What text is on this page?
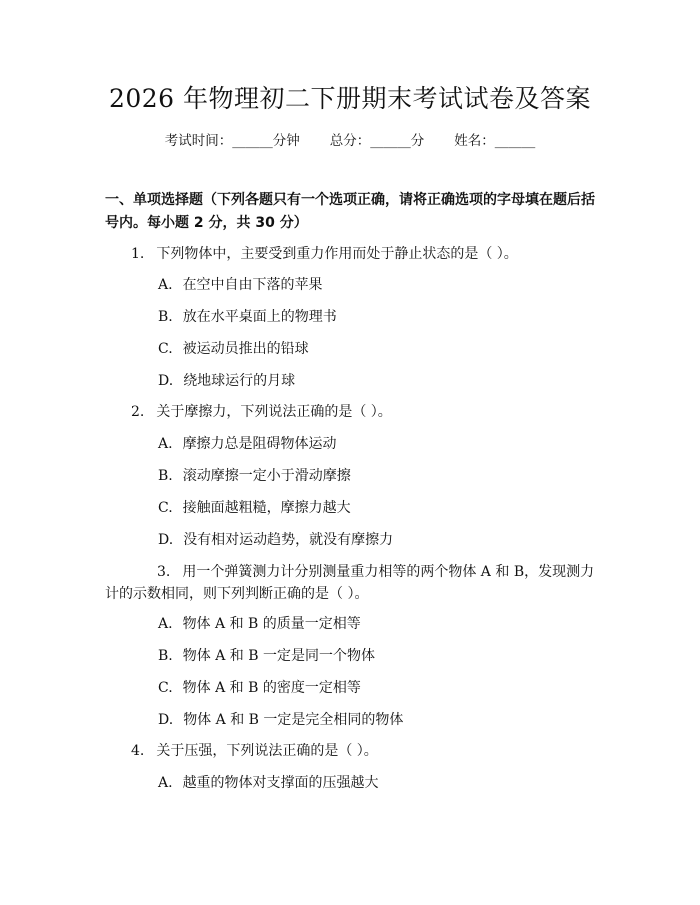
2026 年物理初二下册期末考试试卷及答案
考试时间：______分钟 总分：______分 姓名：______
一、单项选择题（下列各题只有一个选项正确，请将正确选项的字母填在题后括号内。每小题 2 分，共 30 分）
1. 下列物体中，主要受到重力作用而处于静止状态的是（ ）。
A. 在空中自由下落的苹果
B. 放在水平桌面上的物理书
C. 被运动员推出的铅球
D. 绕地球运行的月球
2. 关于摩擦力，下列说法正确的是（ ）。
A. 摩擦力总是阻碍物体运动
B. 滚动摩擦一定小于滑动摩擦
C. 接触面越粗糙，摩擦力越大
D. 没有相对运动趋势，就没有摩擦力
3. 用一个弹簧测力计分别测量重力相等的两个物体 A 和 B，发现测力计的示数相同，则下列判断正确的是（ ）。
A. 物体 A 和 B 的质量一定相等
B. 物体 A 和 B 一定是同一个物体
C. 物体 A 和 B 的密度一定相等
D. 物体 A 和 B 一定是完全相同的物体
4. 关于压强，下列说法正确的是（ ）。
A. 越重的物体对支撑面的压强越大
